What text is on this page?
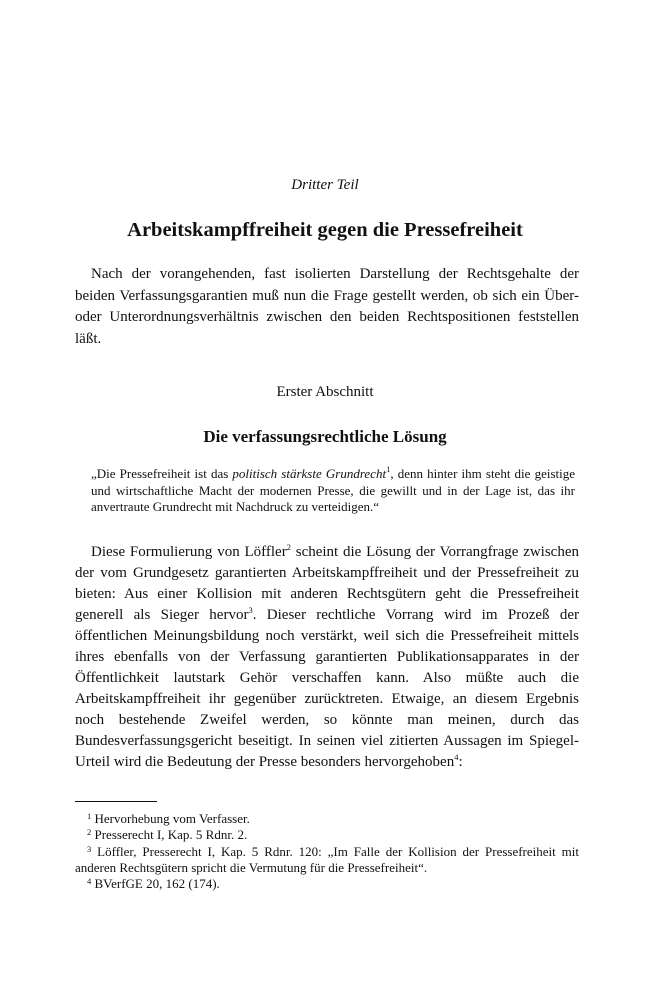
Dritter Teil
Arbeitskampffreiheit gegen die Pressefreiheit

Nach der vorangehenden, fast isolierten Darstellung der Rechtsgehalte der beiden Verfassungsgarantien muß nun die Frage gestellt werden, ob sich ein Über- oder Unterordnungsverhältnis zwischen den beiden Rechtspositionen feststellen läßt.

Erster Abschnitt
Die verfassungsrechtliche Lösung

„Die Pressefreiheit ist das politisch stärkste Grundrecht$^1$, denn hinter ihm steht die geistige und wirtschaftliche Macht der modernen Presse, die gewillt und in der Lage ist, das ihr anvertraute Grundrecht mit Nachdruck zu verteidigen.“

Diese Formulierung von Löffler$^2$ scheint die Lösung der Vorrangfrage zwischen der vom Grundgesetz garantierten Arbeitskampffreiheit und der Pressefreiheit zu bieten: Aus einer Kollision mit anderen Rechtsgütern geht die Pressefreiheit generell als Sieger hervor$^3$. Dieser rechtliche Vorrang wird im Prozeß der öffentlichen Meinungsbildung noch verstärkt, weil sich die Pressefreiheit mittels ihres ebenfalls von der Verfassung garantierten Publikationsapparates in der Öffentlichkeit lautstark Gehör verschaffen kann. Also müßte auch die Arbeitskampffreiheit ihr gegenüber zurücktreten. Etwaige, an diesem Ergebnis noch bestehende Zweifel werden, so könnte man meinen, durch das Bundesverfassungsgericht beseitigt. In seinen viel zitierten Aussagen im Spiegel-Urteil wird die Bedeutung der Presse besonders hervorgehoben$^4$:

$^1$ Hervorhebung vom Verfasser.
$^2$ Presserecht I, Kap. 5 Rdnr. 2.
$^3$ Löffler, Presserecht I, Kap. 5 Rdnr. 120: „Im Falle der Kollision der Pressefreiheit mit anderen Rechtsgütern spricht die Vermutung für die Pressefreiheit“.
$^4$ BVerfGE 20, 162 (174).
